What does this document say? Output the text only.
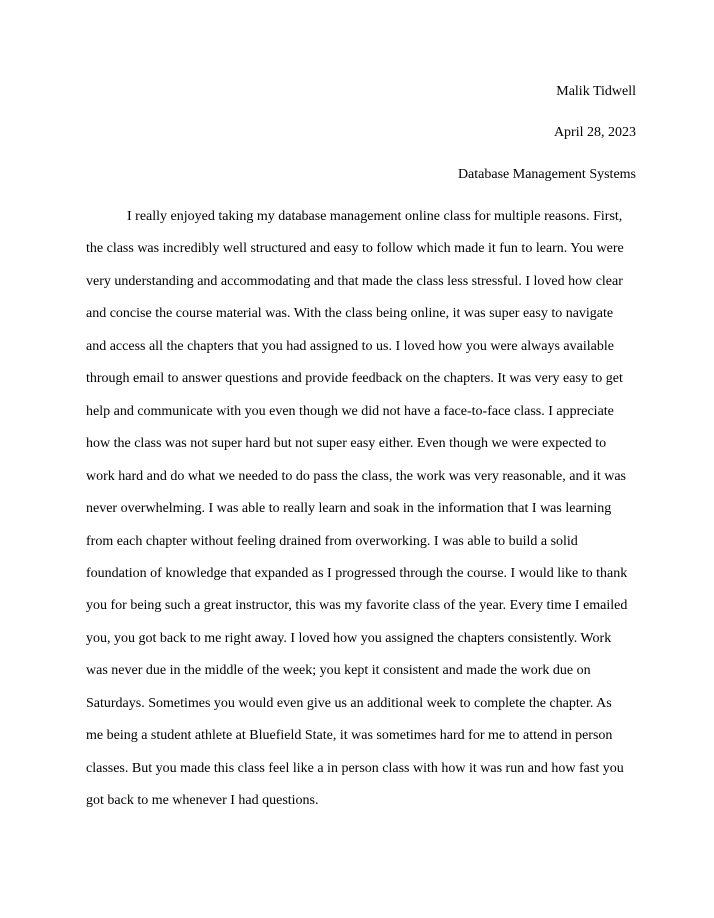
Malik Tidwell
April 28, 2023
Database Management Systems
I really enjoyed taking my database management online class for multiple reasons. First,
the class was incredibly well structured and easy to follow which made it fun to learn. You were
very understanding and accommodating and that made the class less stressful. I loved how clear
and concise the course material was. With the class being online, it was super easy to navigate
and access all the chapters that you had assigned to us. I loved how you were always available
through email to answer questions and provide feedback on the chapters. It was very easy to get
help and communicate with you even though we did not have a face-to-face class. I appreciate
how the class was not super hard but not super easy either. Even though we were expected to
work hard and do what we needed to do pass the class, the work was very reasonable, and it was
never overwhelming. I was able to really learn and soak in the information that I was learning
from each chapter without feeling drained from overworking. I was able to build a solid
foundation of knowledge that expanded as I progressed through the course. I would like to thank
you for being such a great instructor, this was my favorite class of the year. Every time I emailed
you, you got back to me right away. I loved how you assigned the chapters consistently. Work
was never due in the middle of the week; you kept it consistent and made the work due on
Saturdays. Sometimes you would even give us an additional week to complete the chapter. As
me being a student athlete at Bluefield State, it was sometimes hard for me to attend in person
classes. But you made this class feel like a in person class with how it was run and how fast you
got back to me whenever I had questions.
